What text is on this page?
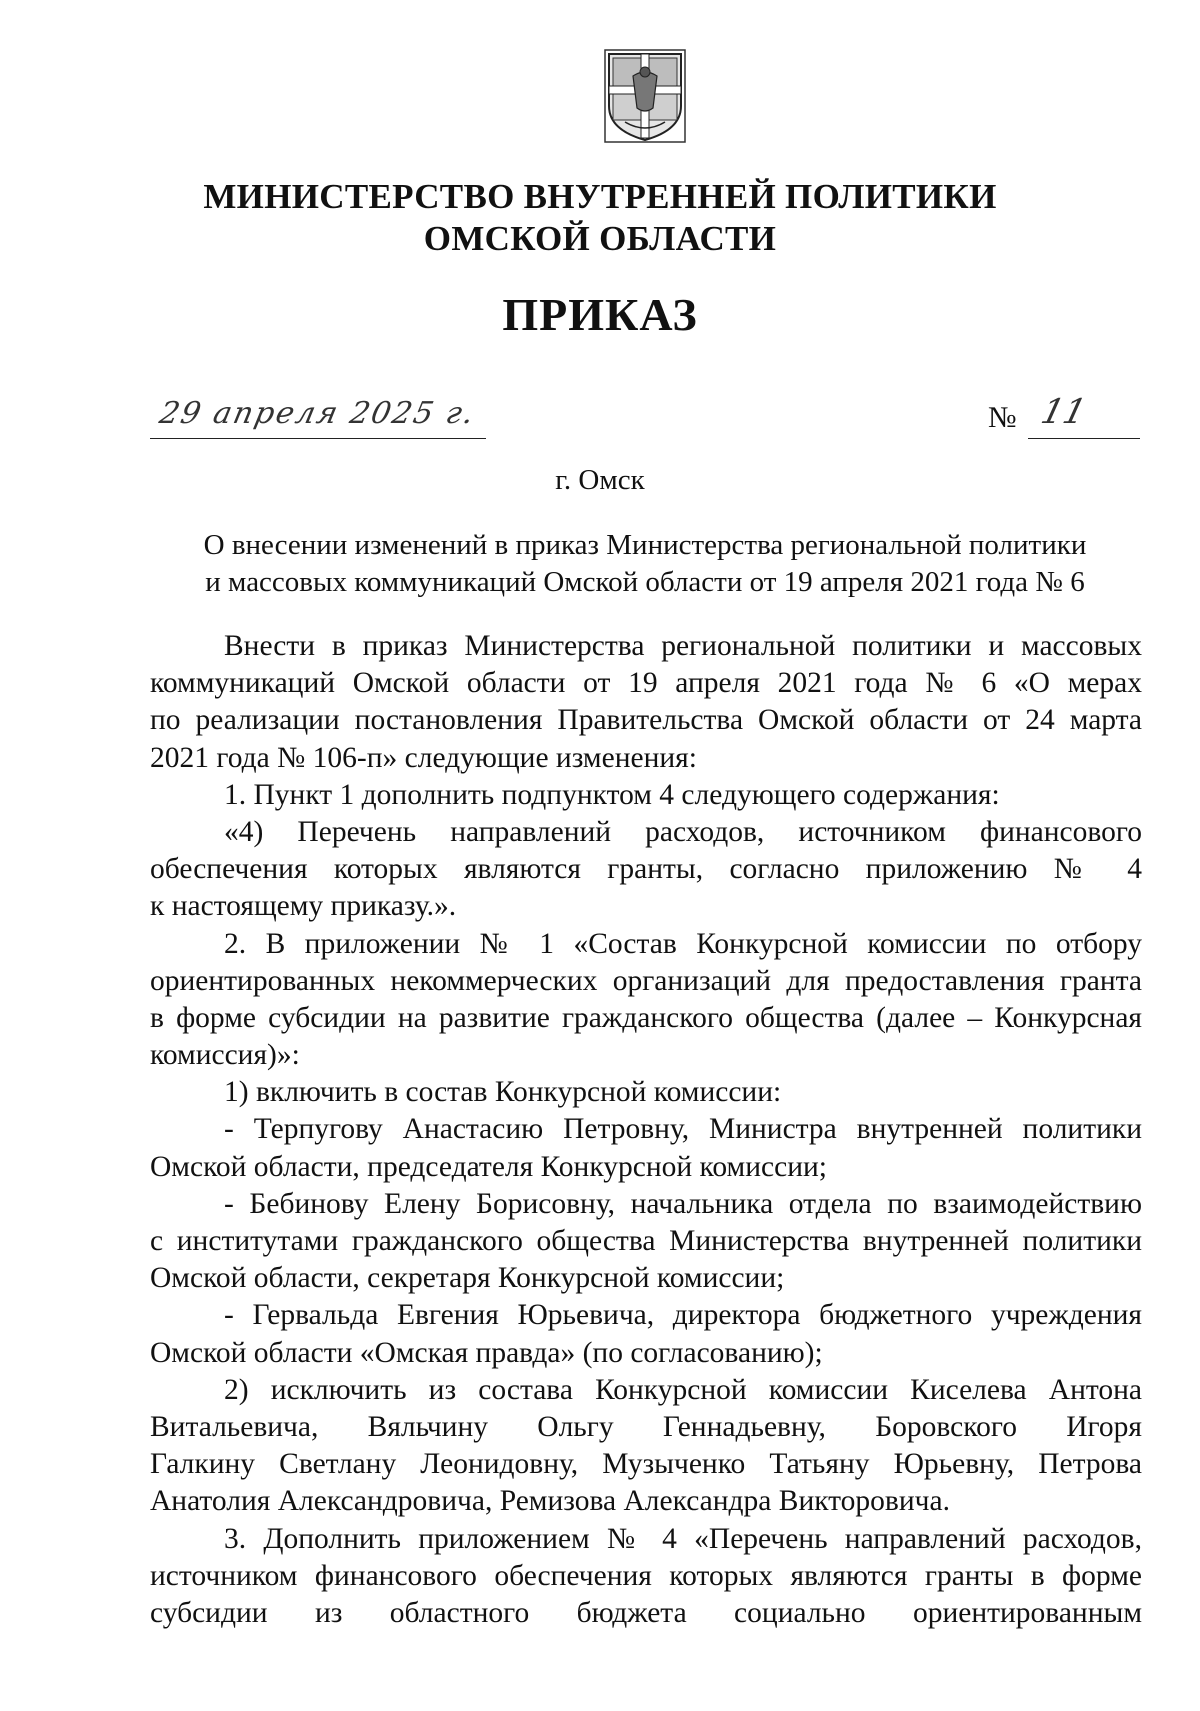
МИНИСТЕРСТВО ВНУТРЕННЕЙ ПОЛИТИКИ
ОМСКОЙ ОБЛАСТИ
ПРИКАЗ
29 апреля 2025 г.	№ 11
г. Омск
О внесении изменений в приказ Министерства региональной политики
и массовых коммуникаций Омской области от 19 апреля 2021 года № 6
Внести в приказ Министерства региональной политики и массовых
коммуникаций Омской области от 19 апреля 2021 года № 6 «О мерах
по реализации постановления Правительства Омской области от 24 марта
2021 года № 106-п» следующие изменения:
1. Пункт 1 дополнить подпунктом 4 следующего содержания:
«4) Перечень направлений расходов, источником финансового
обеспечения которых являются гранты, согласно приложению № 4
к настоящему приказу.».
2. В приложении № 1 «Состав Конкурсной комиссии по отбору
ориентированных некоммерческих организаций для предоставления гранта
в форме субсидии на развитие гражданского общества (далее – Конкурсная
комиссия)»:
1) включить в состав Конкурсной комиссии:
- Терпугову Анастасию Петровну, Министра внутренней политики
Омской области, председателя Конкурсной комиссии;
- Бебинову Елену Борисовну, начальника отдела по взаимодействию
с институтами гражданского общества Министерства внутренней политики
Омской области, секретаря Конкурсной комиссии;
- Гервальда Евгения Юрьевича, директора бюджетного учреждения
Омской области «Омская правда» (по согласованию);
2) исключить из состава Конкурсной комиссии Киселева Антона
Витальевича, Вяльчину Ольгу Геннадьевну, Боровского Игоря
Галкину Светлану Леонидовну, Музыченко Татьяну Юрьевну, Петрова
Анатолия Александровича, Ремизова Александра Викторовича.
3. Дополнить приложением № 4 «Перечень направлений расходов,
источником финансового обеспечения которых являются гранты в форме
субсидии из областного бюджета социально ориентированным
